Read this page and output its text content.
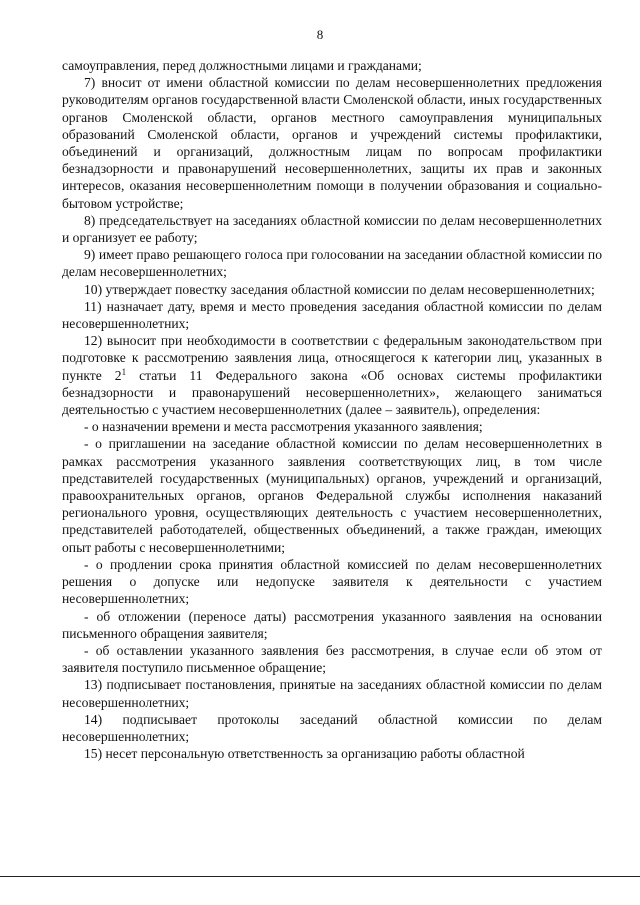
8

самоуправления, перед должностными лицами и гражданами;

7) вносит от имени областной комиссии по делам несовершеннолетних предложения руководителям органов государственной власти Смоленской области, иных государственных органов Смоленской области, органов местного самоуправления муниципальных образований Смоленской области, органов и учреждений системы профилактики, объединений и организаций, должностным лицам по вопросам профилактики безнадзорности и правонарушений несовершеннолетних, защиты их прав и законных интересов, оказания несовершеннолетним помощи в получении образования и социально-бытовом устройстве;

8) председательствует на заседаниях областной комиссии по делам несовершеннолетних и организует ее работу;

9) имеет право решающего голоса при голосовании на заседании областной комиссии по делам несовершеннолетних;

10) утверждает повестку заседания областной комиссии по делам несовершеннолетних;

11) назначает дату, время и место проведения заседания областной комиссии по делам несовершеннолетних;

12) выносит при необходимости в соответствии с федеральным законодательством при подготовке к рассмотрению заявления лица, относящегося к категории лиц, указанных в пункте $2^1$ статьи 11 Федерального закона «Об основах системы профилактики безнадзорности и правонарушений несовершеннолетних», желающего заниматься деятельностью с участием несовершеннолетних (далее – заявитель), определения:

- о назначении времени и места рассмотрения указанного заявления;

- о приглашении на заседание областной комиссии по делам несовершеннолетних в рамках рассмотрения указанного заявления соответствующих лиц, в том числе представителей государственных (муниципальных) органов, учреждений и организаций, правоохранительных органов, органов Федеральной службы исполнения наказаний регионального уровня, осуществляющих деятельность с участием несовершеннолетних, представителей работодателей, общественных объединений, а также граждан, имеющих опыт работы с несовершеннолетними;

- о продлении срока принятия областной комиссией по делам несовершеннолетних решения о допуске или недопуске заявителя к деятельности с участием несовершеннолетних;

- об отложении (переносе даты) рассмотрения указанного заявления на основании письменного обращения заявителя;

- об оставлении указанного заявления без рассмотрения, в случае если об этом от заявителя поступило письменное обращение;

13) подписывает постановления, принятые на заседаниях областной комиссии по делам несовершеннолетних;

14) подписывает протоколы заседаний областной комиссии по делам несовершеннолетних;

15) несет персональную ответственность за организацию работы областной
